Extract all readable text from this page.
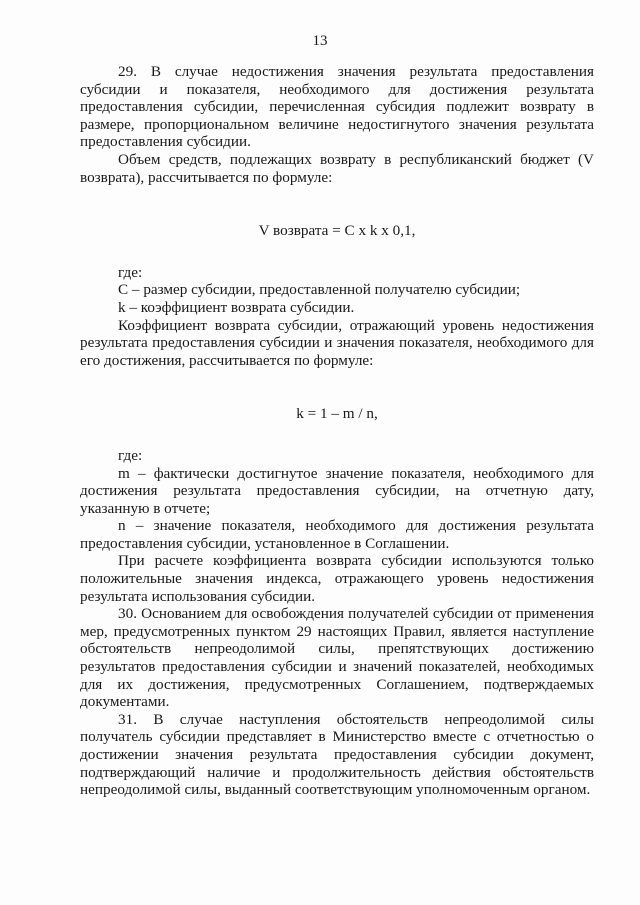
13

29. В случае недостижения значения результата предоставления субсидии и показателя, необходимого для достижения результата предоставления субсидии, перечисленная субсидия подлежит возврату в размере, пропорциональном величине недостигнутого значения результата предоставления субсидии.

Объем средств, подлежащих возврату в республиканский бюджет (V возврата), рассчитывается по формуле:

V возврата = C x k x 0,1,

где:

C – размер субсидии, предоставленной получателю субсидии;

k – коэффициент возврата субсидии.

Коэффициент возврата субсидии, отражающий уровень недостижения результата предоставления субсидии и значения показателя, необходимого для его достижения, рассчитывается по формуле:

k = 1 – m / n,

где:

m – фактически достигнутое значение показателя, необходимого для достижения результата предоставления субсидии, на отчетную дату, указанную в отчете;

n – значение показателя, необходимого для достижения результата предоставления субсидии, установленное в Соглашении.

При расчете коэффициента возврата субсидии используются только положительные значения индекса, отражающего уровень недостижения результата использования субсидии.

30. Основанием для освобождения получателей субсидии от применения мер, предусмотренных пунктом 29 настоящих Правил, является наступление обстоятельств непреодолимой силы, препятствующих достижению результатов предоставления субсидии и значений показателей, необходимых для их достижения, предусмотренных Соглашением, подтверждаемых документами.

31. В случае наступления обстоятельств непреодолимой силы получатель субсидии представляет в Министерство вместе с отчетностью о достижении значения результата предоставления субсидии документ, подтверждающий наличие и продолжительность действия обстоятельств непреодолимой силы, выданный соответствующим уполномоченным органом.
